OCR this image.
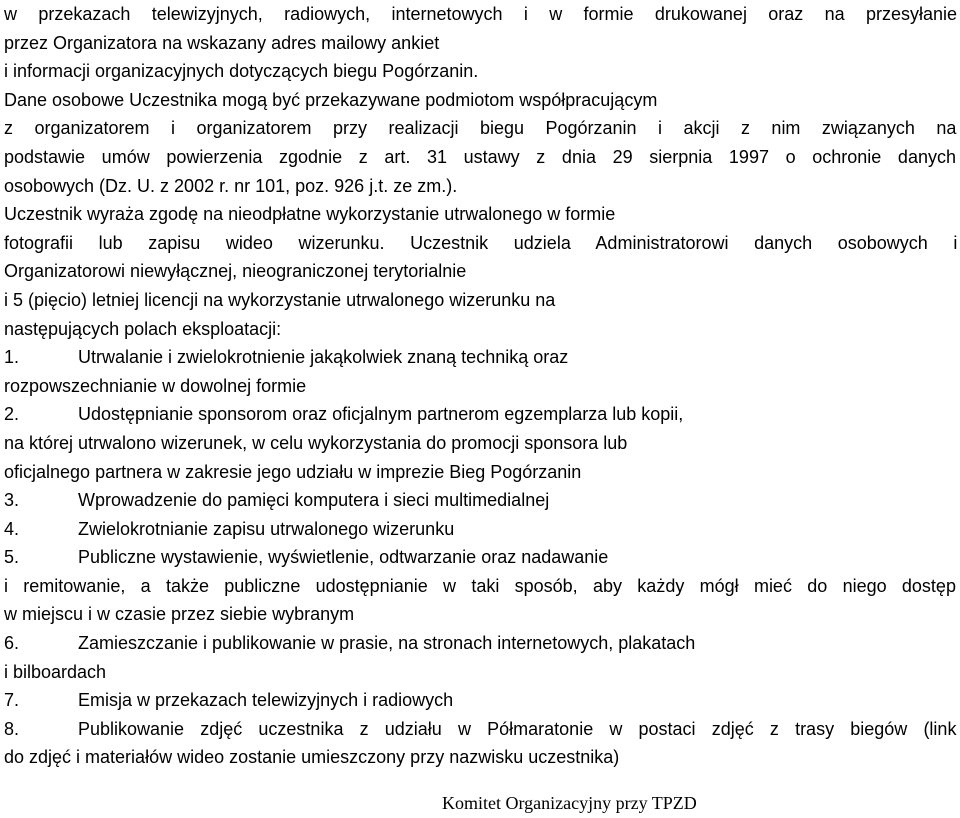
w przekazach telewizyjnych, radiowych, internetowych i w formie drukowanej oraz na przesyłanie
przez Organizatora na wskazany adres mailowy ankiet
i informacji organizacyjnych dotyczących biegu Pogórzanin.
Dane osobowe Uczestnika mogą być przekazywane podmiotom współpracującym
z organizatorem i organizatorem przy realizacji biegu Pogórzanin i akcji z nim związanych na
podstawie umów powierzenia zgodnie z art. 31 ustawy z dnia 29 sierpnia 1997 o ochronie danych
osobowych (Dz. U. z 2002 r. nr 101, poz. 926 j.t. ze zm.).
Uczestnik wyraża zgodę na nieodpłatne wykorzystanie utrwalonego w formie
fotografii lub zapisu wideo wizerunku. Uczestnik udziela Administratorowi danych osobowych i
Organizatorowi niewyłącznej, nieograniczonej terytorialnie
i 5 (pięcio) letniej licencji na wykorzystanie utrwalonego wizerunku na
następujących polach eksploatacji:
1.	Utrwalanie i zwielokrotnienie jakąkolwiek znaną techniką oraz
rozpowszechnianie w dowolnej formie
2.	Udostępnianie sponsorom oraz oficjalnym partnerom egzemplarza lub kopii,
na której utrwalono wizerunek, w celu wykorzystania do promocji sponsora lub
oficjalnego partnera w zakresie jego udziału w imprezie Bieg Pogórzanin
3.	Wprowadzenie do pamięci komputera i sieci multimedialnej
4.	Zwielokrotnianie zapisu utrwalonego wizerunku
5.	Publiczne wystawienie, wyświetlenie, odtwarzanie oraz nadawanie
i remitowanie, a także publiczne udostępnianie w taki sposób, aby każdy mógł mieć do niego dostęp
w miejscu i w czasie przez siebie wybranym
6.	Zamieszczanie i publikowanie w prasie, na stronach internetowych, plakatach
i bilboardach
7.	Emisja w przekazach telewizyjnych i radiowych
8.	Publikowanie zdjęć uczestnika z udziału w Półmaratonie w postaci zdjęć z trasy biegów (link
do zdjęć i materiałów wideo zostanie umieszczony przy nazwisku uczestnika)
Komitet Organizacyjny przy TPZD
